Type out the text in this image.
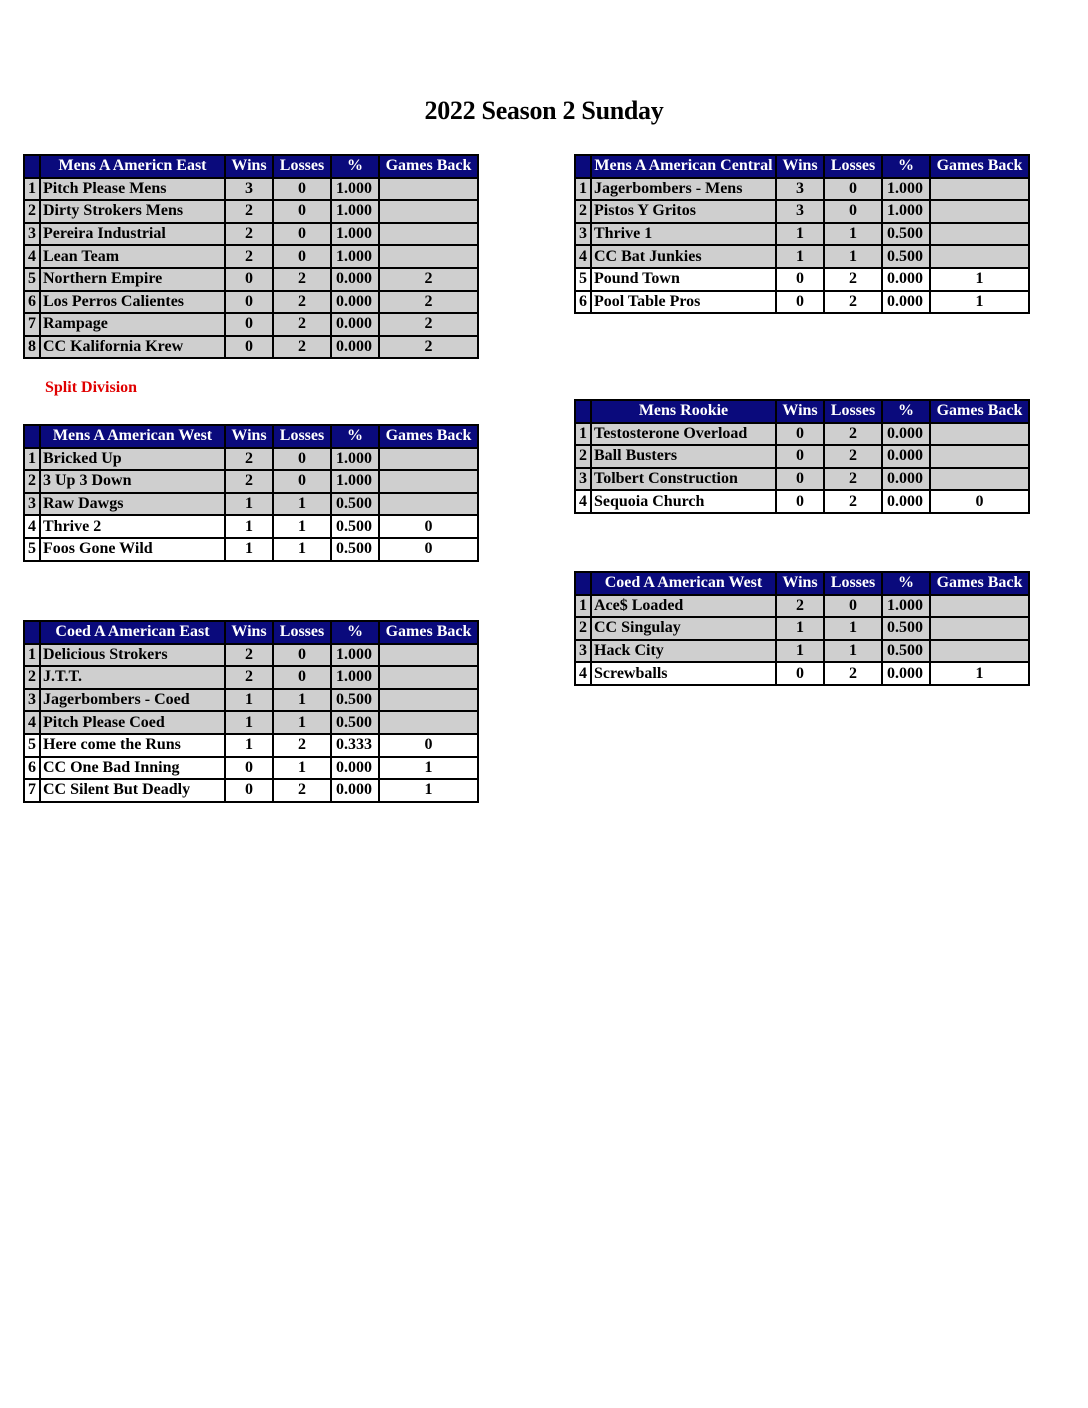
2022 Season 2 Sunday
	Mens A Americn East	Wins	Losses	%	Games Back
1	Pitch Please Mens	3	0	1.000	
2	Dirty Strokers Mens	2	0	1.000	
3	Pereira Industrial	2	0	1.000	
4	Lean Team	2	0	1.000	
5	Northern Empire	0	2	0.000	2
6	Los Perros Calientes	0	2	0.000	2
7	Rampage	0	2	0.000	2
8	CC Kalifornia Krew	0	2	0.000	2
Split Division
	Mens A American West	Wins	Losses	%	Games Back
1	Bricked Up	2	0	1.000	
2	3 Up 3 Down	2	0	1.000	
3	Raw Dawgs	1	1	0.500	
4	Thrive 2	1	1	0.500	0
5	Foos Gone Wild	1	1	0.500	0
	Coed A American East	Wins	Losses	%	Games Back
1	Delicious Strokers	2	0	1.000	
2	J.T.T.	2	0	1.000	
3	Jagerbombers - Coed	1	1	0.500	
4	Pitch Please Coed	1	1	0.500	
5	Here come the Runs	1	2	0.333	0
6	CC One Bad Inning	0	1	0.000	1
7	CC Silent But Deadly	0	2	0.000	1
	Mens A American Central	Wins	Losses	%	Games Back
1	Jagerbombers - Mens	3	0	1.000	
2	Pistos Y Gritos	3	0	1.000	
3	Thrive 1	1	1	0.500	
4	CC Bat Junkies	1	1	0.500	
5	Pound Town	0	2	0.000	1
6	Pool Table Pros	0	2	0.000	1
	Mens Rookie	Wins	Losses	%	Games Back
1	Testosterone Overload	0	2	0.000	
2	Ball Busters	0	2	0.000	
3	Tolbert Construction	0	2	0.000	
4	Sequoia Church	0	2	0.000	0
	Coed A American West	Wins	Losses	%	Games Back
1	Ace$ Loaded	2	0	1.000	
2	CC Singulay	1	1	0.500	
3	Hack City	1	1	0.500	
4	Screwballs	0	2	0.000	1
